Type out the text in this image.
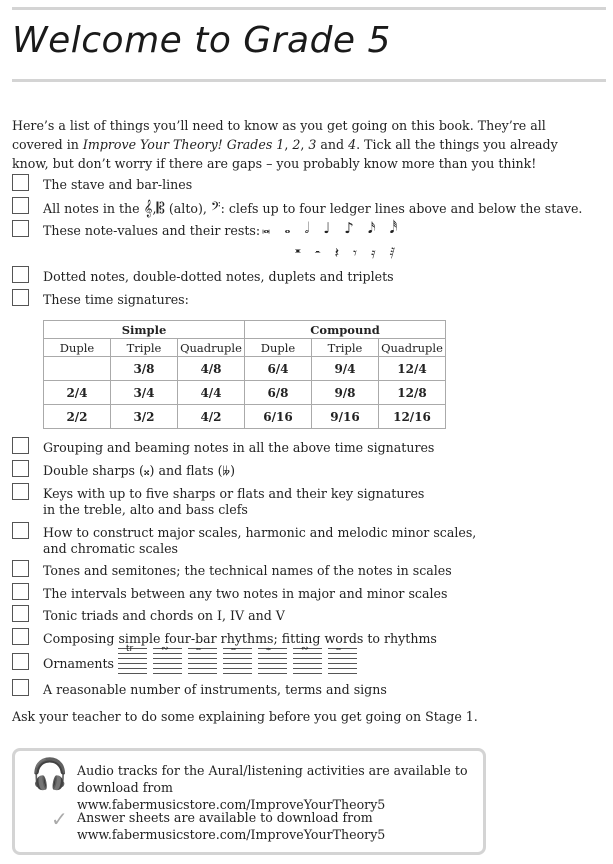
Welcome to Grade 5
Here’s a list of things you’ll need to know as you get going on this book. They’re all covered in Improve Your Theory! Grades 1, 2, 3 and 4. Tick all the things you already know, but don’t worry if there are gaps – you probably know more than you think!
The stave and bar-lines
All notes in the 𝄞,𝄡 (alto), 𝄢: clefs up to four ledger lines above and below the stave.
These note-values and their rests: 𝅜𝅝𝅗𝅥♩♪𝅘𝅥𝅯𝅘𝅥𝅰
𝄺𝄼𝄽𝄾𝄿𝅀
Dotted notes, double-dotted notes, duplets and triplets
These time signatures:
Simple			Compound		
Duple	Triple	Quadruple	Duple	Triple	Quadruple
	3/8	4/8	6/4	9/4	12/4
2/4	3/4	4/4	6/8	9/8	12/8
2/2	3/2	4/2	6/16	9/16	12/16
Grouping and beaming notes in all the above time signatures
Double sharps (𝄪) and flats (𝄫)
Keys with up to five sharps or flats and their key signatures
in the treble, alto and bass clefs
How to construct major scales, harmonic and melodic minor scales,
and chromatic scales
Tones and semitones; the technical names of the notes in scales
The intervals between any two notes in major and minor scales
Tonic triads and chords on I, IV and V
Composing simple four-bar rhythms; fitting words to rhythms
Ornaments
tr	∾	𝆗	𝆘	𝆙	∾	𝆗
A reasonable number of instruments, terms and signs
Ask your teacher to do some explaining before you get going on Stage 1.
🎧 Audio tracks for the Aural/listening activities are available to
download from www.fabermusicstore.com/ImproveYourTheory5
✓ Answer sheets are available to download from
www.fabermusicstore.com/ImproveYourTheory5
